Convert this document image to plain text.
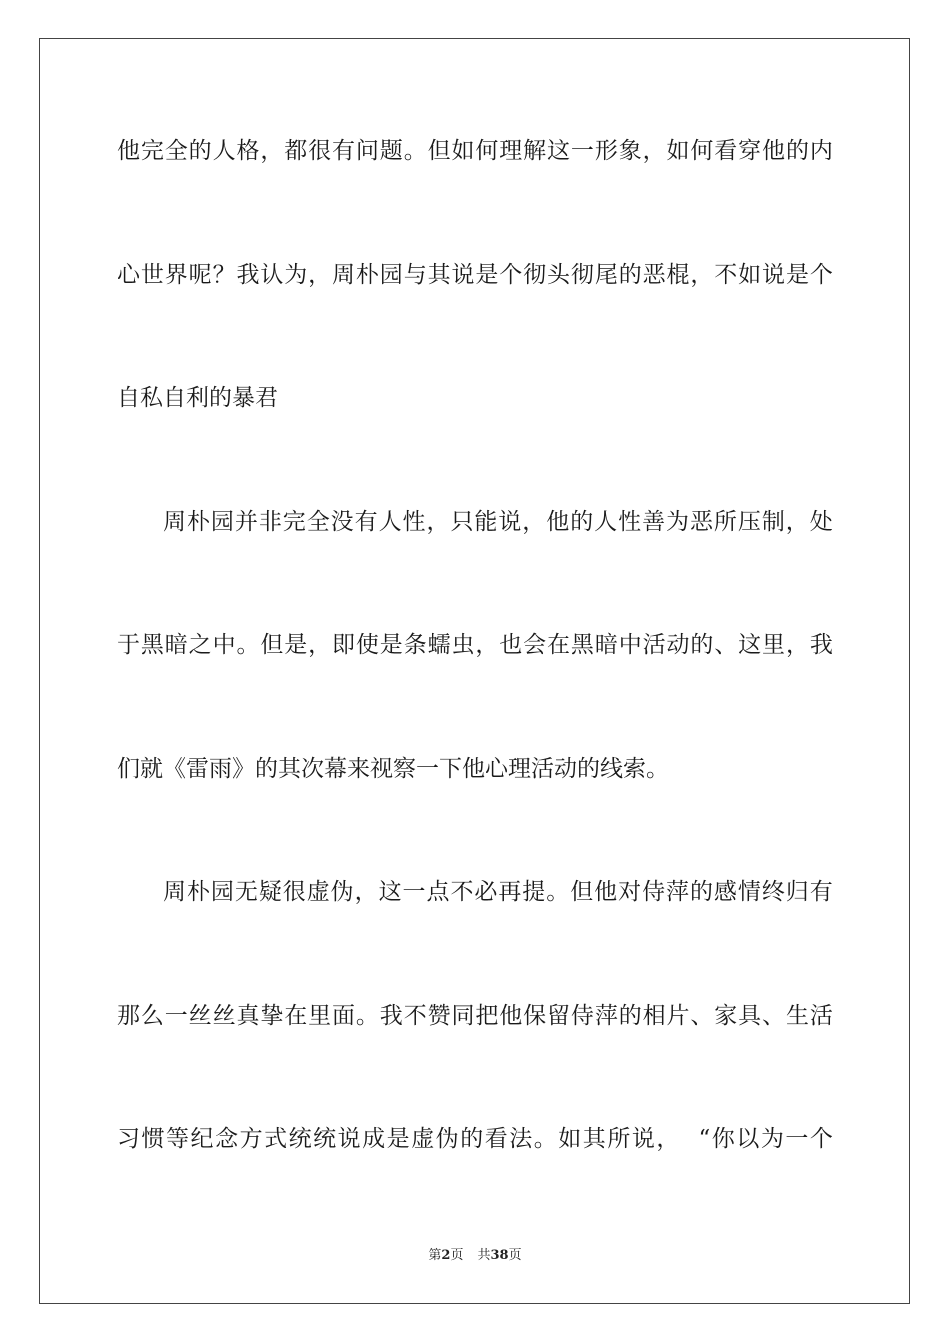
他 完 全 的 人 格 ， 都 很 有 问 题 。 但 如 何 理 解 这 一 形 象 ， 如 何 看 穿 他 的 内
心 世 界 呢 ？ 我 认 为 ， 周 朴 园 与 其 说 是 个 彻 头 彻 尾 的 恶 棍 ， 不 如 说 是 个
自私自利的暴君
周 朴 园 并 非 完 全 没 有 人 性 ， 只 能 说 ， 他 的 人 性 善 为 恶 所 压 制 ， 处
于 黑 暗 之 中 。 但 是 ， 即 使 是 条 蠕 虫 ， 也 会 在 黑 暗 中 活 动 的 、 这 里 ， 我
们就《雷雨》的其次幕来视察一下他心理活动的线索。
周 朴 园 无 疑 很 虚 伪 ， 这 一 点 不 必 再 提 。 但 他 对 侍 萍 的 感 情 终 归 有
那 么 一 丝 丝 真 挚 在 里 面 。 我 不 赞 同 把 他 保 留 侍 萍 的 相 片 、 家 具 、 生 活
习 惯 等 纪 念 方 式 统 统 说 成 是 虚 伪 的 看 法 。 如 其 所 说 ，

“ 你 以 为 一 个
第2页 共38页
